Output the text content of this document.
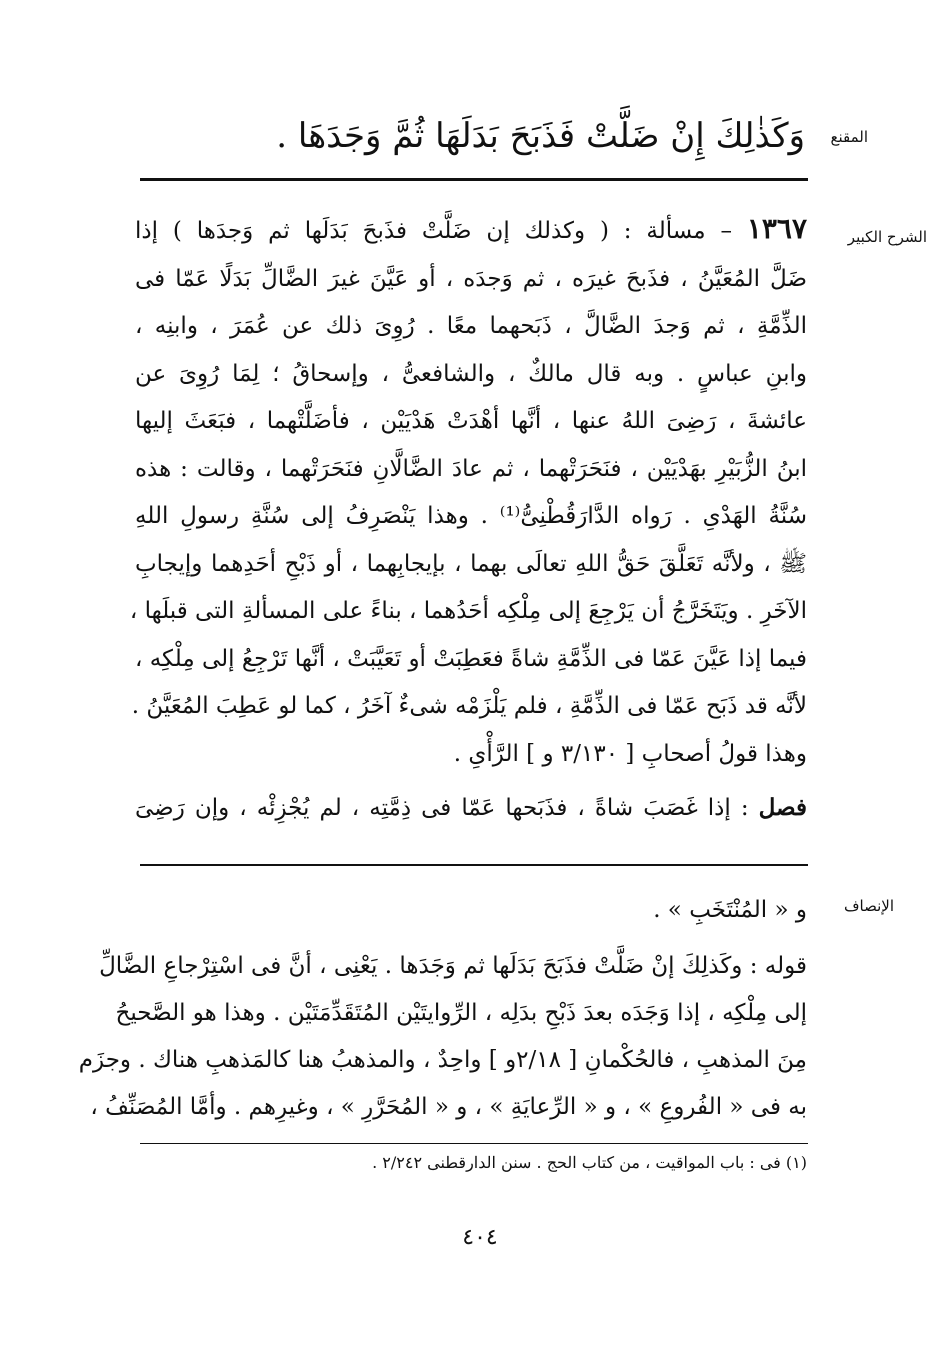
المقنع
الشرح الكبير
الإنصاف
وَكَذٰلِكَ إِنْ ضَلَّتْ فَذَبَحَ بَدَلَهَا ثُمَّ وَجَدَهَا .
١٣٦٧ – مسألة : ( وكذلك إن ضَلَّتْ فذَبحَ بَدَلَها ثم وَجدَها ) إذا
ضَلَّ المُعَيَّنُ ، فذَبحَ غيرَه ، ثم وَجدَه ، أو عَيَّنَ غيرَ الضَّالِّ بَدَلًا عَمّا فى
الذِّمَّةِ ، ثم وَجدَ الضَّالَّ ، ذَبَحهما معًا . رُوِىَ ذلك عن عُمَرَ ، وابنِه ،
وابنِ عباسٍ . وبه قال مالكٌ ، والشافعىُّ ، وإسحاقُ ؛ لِمَا رُوِىَ عن
عائشةَ ، رَضِىَ اللهُ عنها ، أنَّها أهْدَتْ هَدْيَيْن ، فأضَلَّتْهما ، فبَعَثَ إليها
ابنُ الزُّبَيْرِ بهَدْيَيْن ، فنَحَرَتْهما ، ثم عادَ الضَّالَّانِ فنَحَرَتْهما ، وقالت : هذه
سُنَّةُ الهَدْىِ . رَواه الدَّارَقُطْنِىُّ⁽¹⁾ . وهذا يَنْصَرِفُ إلى سُنَّةِ رسولِ اللهِ
ﷺ ، ولأنَّه تَعَلَّقَ حَقُّ اللهِ تعالَى بهما ، بإيجابِهما ، أو ذَبْحِ أحَدِهما وإيجابِ
الآخَرِ . ويَتَخَرَّجُ أن يَرْجِعَ إلى مِلْكِه أحَدُهما ، بناءً على المسألةِ التى قبلَها ،
فيما إذا عَيَّنَ عَمّا فى الذِّمَّةِ شاةً فعَطِبَتْ أو تَعَيَّبَتْ ، أنَّها تَرْجِعُ إلى مِلْكِه ،
لأنَّه قد ذَبَح عَمّا فى الذِّمَّةِ ، فلم يَلْزَمْه شىءٌ آخَرُ ، كما لو عَطِبَ المُعَيَّنُ .
وهذا قولُ أصحابِ [ ٣/١٣٠ و ] الرَّأْىِ .
فصل : إذا غَصَبَ شاةً ، فذَبَحها عَمّا فى ذِمَّتِه ، لم يُجْزِئْه ، وإن رَضِىَ
و « المُنْتَخَبِ » .
قوله : وكَذلِكَ إنْ ضَلَّتْ فذَبَحَ بَدَلَها ثم وَجَدَها . يَعْنِى ، أنَّ فى اسْتِرْجاعِ الضَّالِّ
إلى مِلْكِه ، إذا وَجَدَه بعدَ ذَبْحِ بدَلِه ، الرِّوايتَيْن المُتَقَدِّمَتَيْن . وهذا هو الصَّحيحُ
مِنَ المذهبِ ، فالحُكْمانِ [ ٢/١٨و ] واحِدٌ ، والمذهبُ هنا كالمَذهبِ هناك . وجزَم
به فى « الفُروعِ » ، و « الرِّعايَةِ » ، و « المُحَرَّرِ » ، وغيرِهم . وأمَّا المُصَنِّفُ ،
(١) فى : باب المواقيت ، من كتاب الحج . سنن الدارقطنى ٢/٢٤٢ .
٤٠٤
